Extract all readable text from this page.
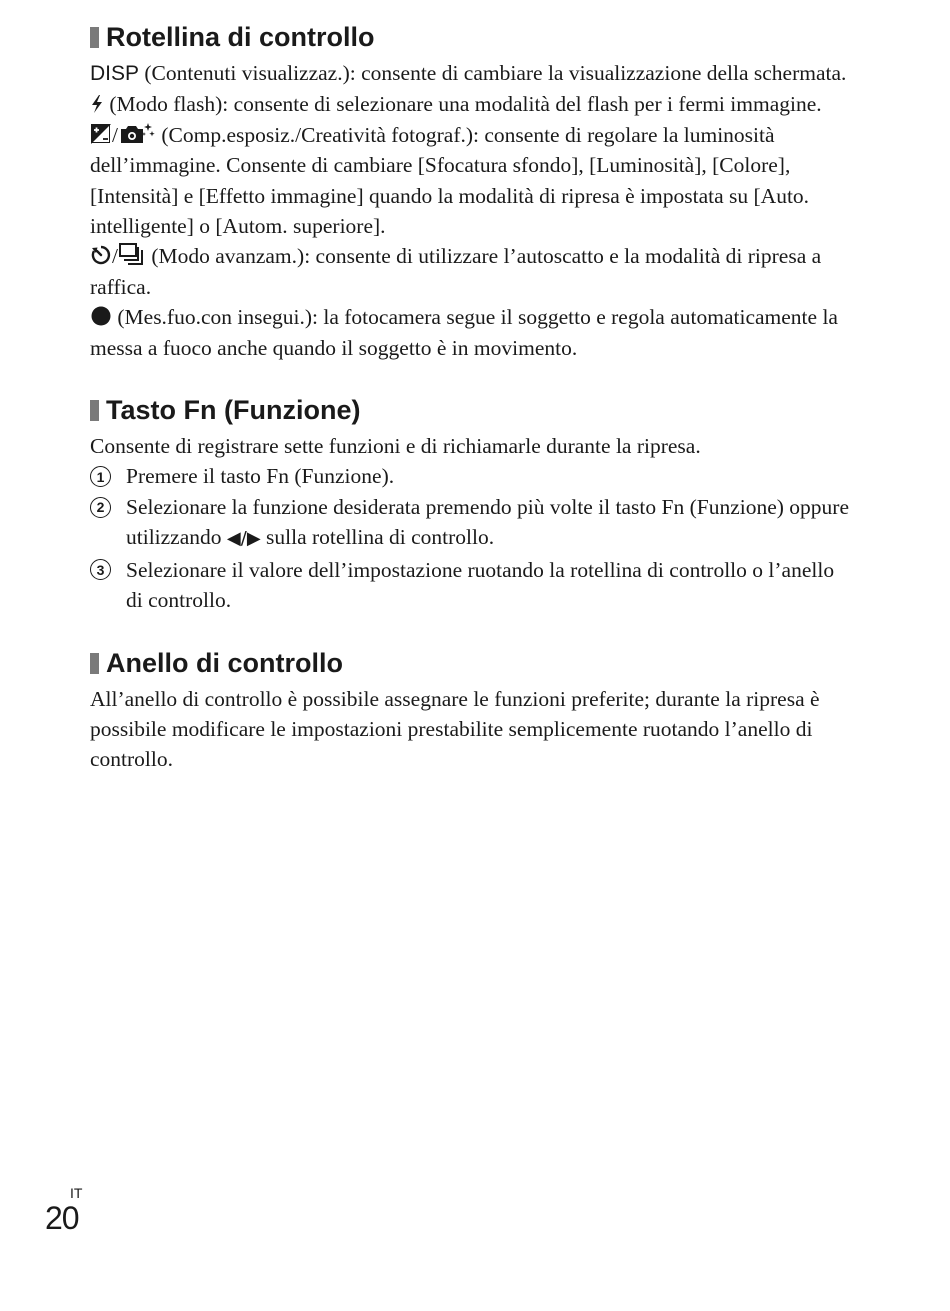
Rotellina di controllo

DISP (Contenuti visualizzaz.): consente di cambiare la visualizzazione della schermata.

(Modo flash): consente di selezionare una modalità del flash per i fermi immagine.

/
(Comp.esposiz./Creatività fotograf.): consente di regolare la luminosità dell’immagine. Consente di cambiare [Sfocatura sfondo], [Luminosità], [Colore], [Intensità] e [Effetto immagine] quando la modalità di ripresa è impostata su [Auto. intelligente] o [Autom. superiore].

/
(Modo avanzam.): consente di utilizzare l’autoscatto e la modalità di ripresa a raffica.

(Mes.fuo.con insegui.): la fotocamera segue il soggetto e regola automaticamente la messa a fuoco anche quando il soggetto è in movimento.

Tasto Fn (Funzione)

Consente di registrare sette funzioni e di richiamarle durante la ripresa.

1	Premere il tasto Fn (Funzione).
2	Selezionare la funzione desiderata premendo più volte il tasto Fn (Funzione) oppure utilizzando ◀/▶ sulla rotellina di controllo.
3	Selezionare il valore dell’impostazione ruotando la rotellina di controllo o l’anello di controllo.
Anello di controllo

All’anello di controllo è possibile assegnare le funzioni preferite; durante la ripresa è possibile modificare le impostazioni prestabilite semplicemente ruotando l’anello di controllo.

IT
20
